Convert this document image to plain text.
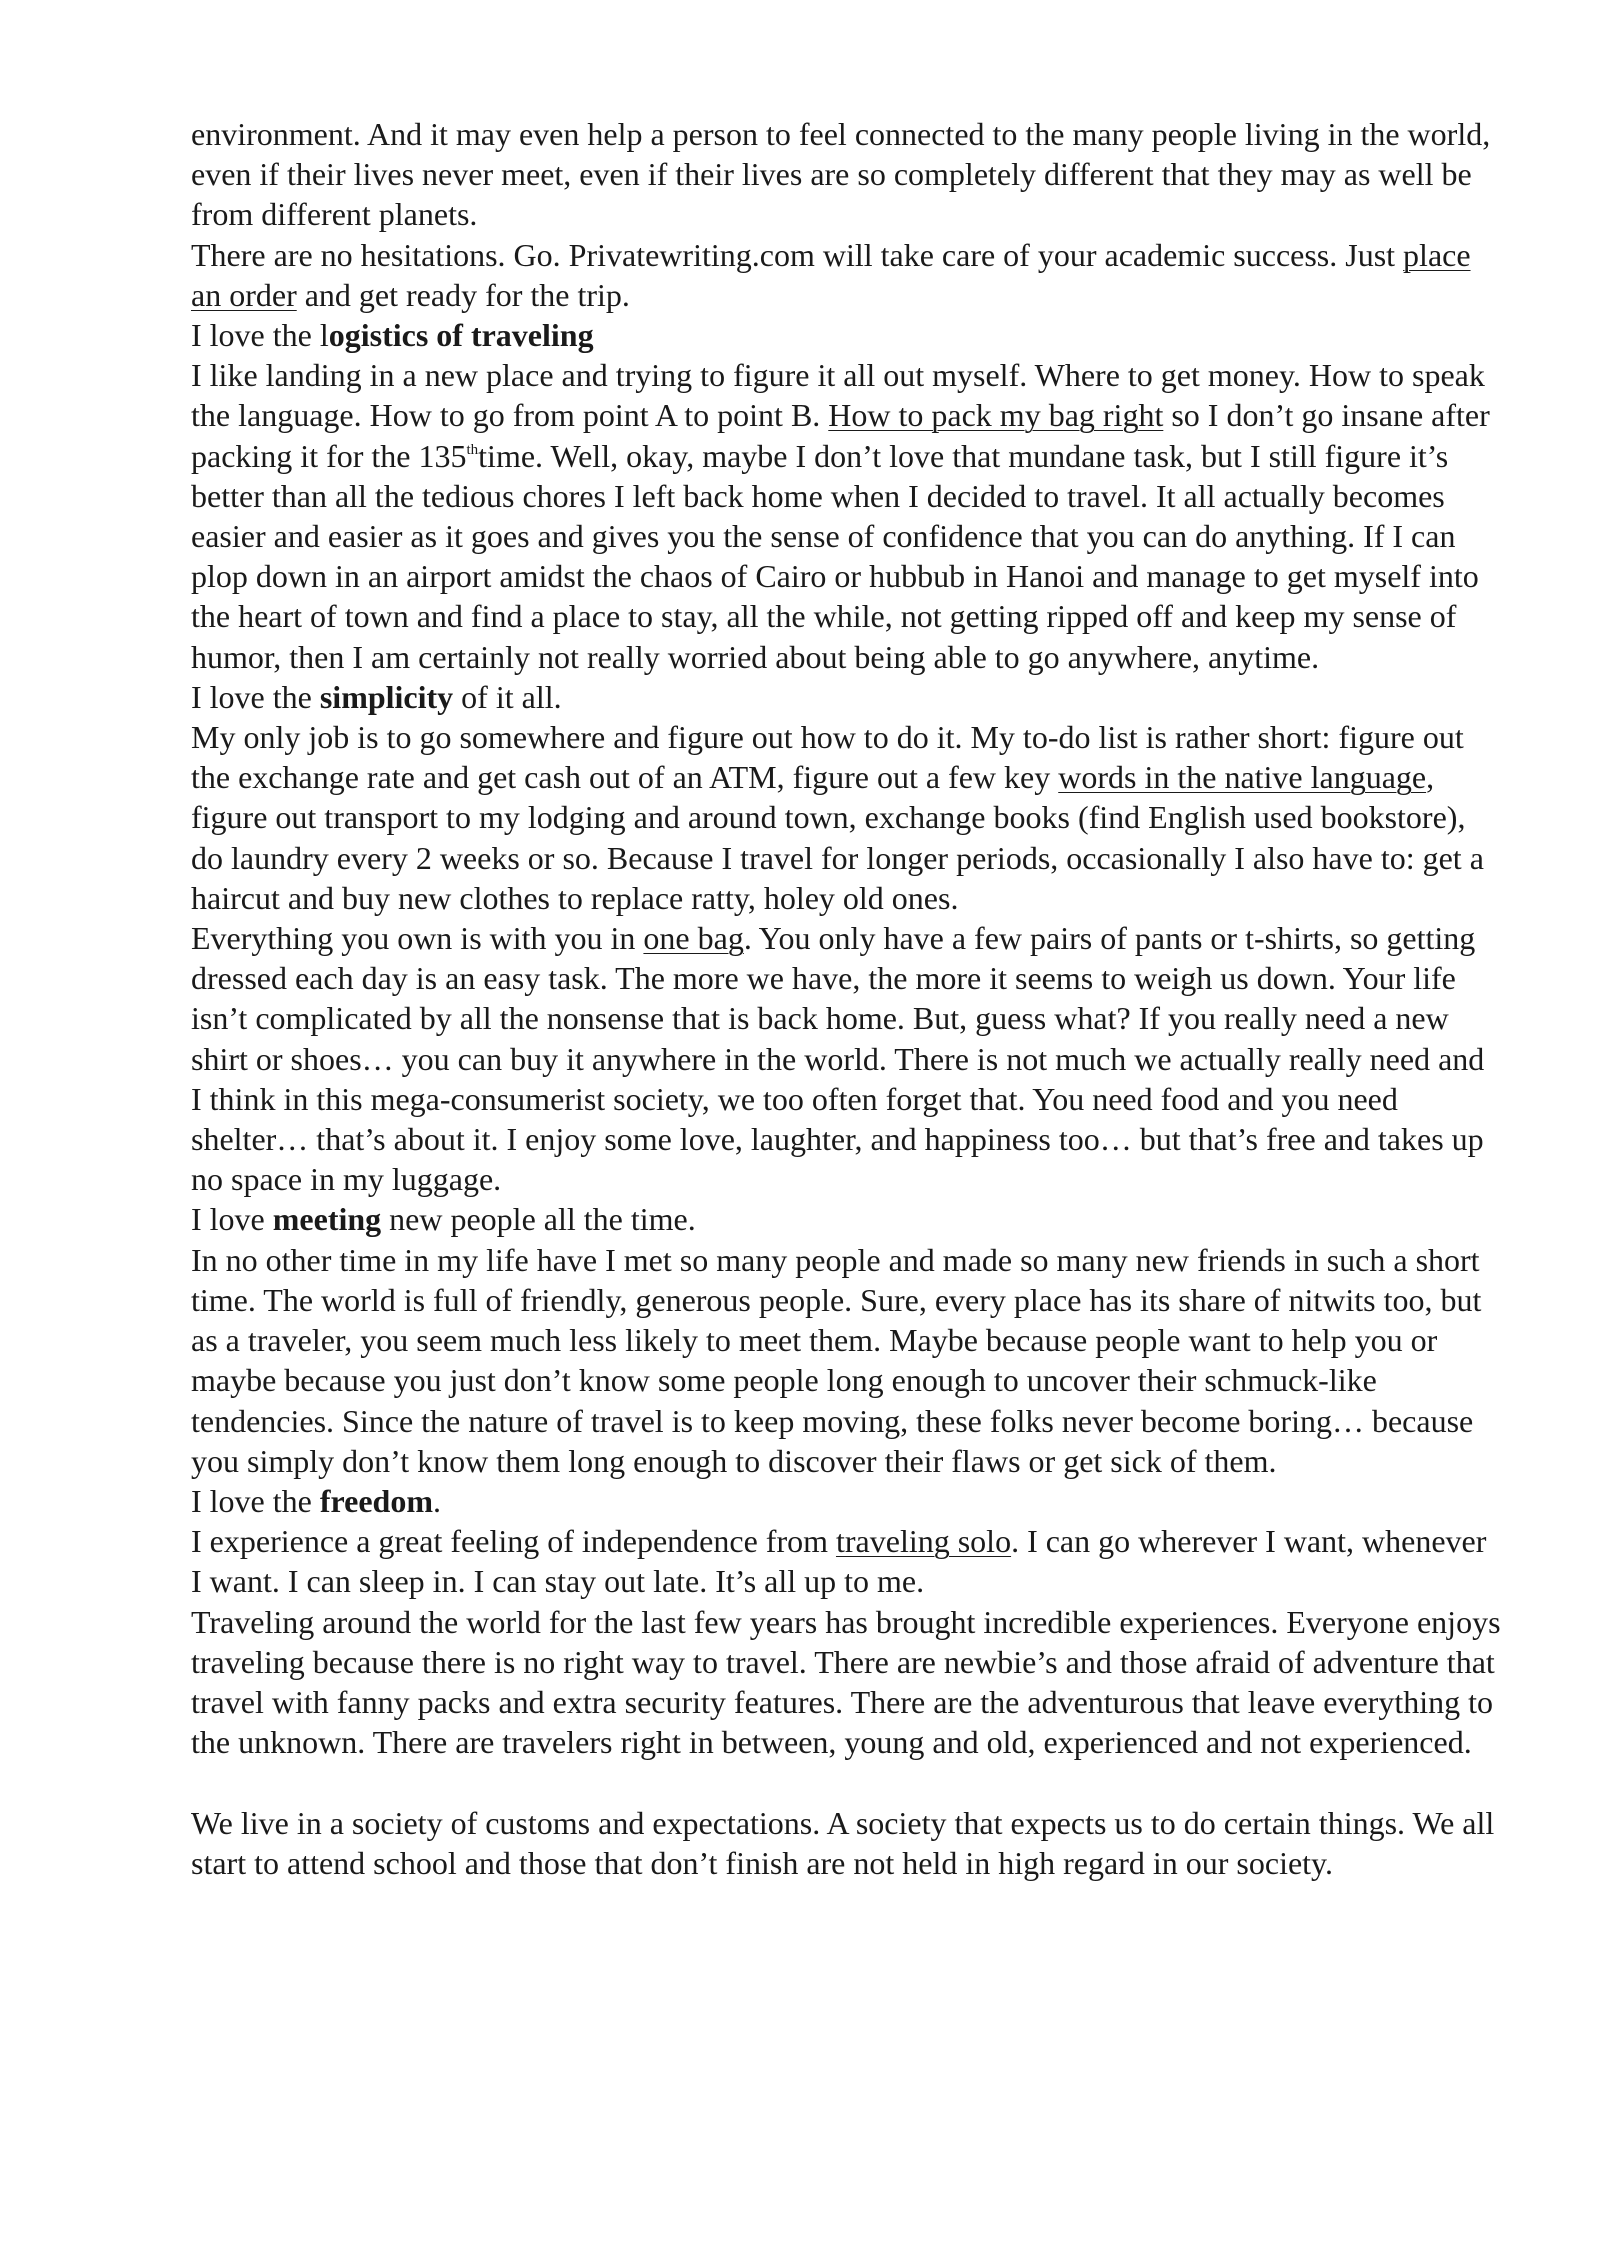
environment. And it may even help a person to feel connected to the many people living in the world, even if their lives never meet, even if their lives are so completely different that they may as well be from different planets.

There are no hesitations. Go. Privatewriting.com will take care of your academic success. Just place an order and get ready for the trip.

I love the logistics of traveling

I like landing in a new place and trying to figure it all out myself. Where to get money. How to speak the language. How to go from point A to point B. How to pack my bag right so I don’t go insane after packing it for the 135thtime. Well, okay, maybe I don’t love that mundane task, but I still figure it’s better than all the tedious chores I left back home when I decided to travel. It all actually becomes easier and easier as it goes and gives you the sense of confidence that you can do anything. If I can plop down in an airport amidst the chaos of Cairo or hubbub in Hanoi and manage to get myself into the heart of town and find a place to stay, all the while, not getting ripped off and keep my sense of humor, then I am certainly not really worried about being able to go anywhere, anytime.

I love the simplicity of it all.

My only job is to go somewhere and figure out how to do it. My to-do list is rather short: figure out the exchange rate and get cash out of an ATM, figure out a few key words in the native language, figure out transport to my lodging and around town, exchange books (find English used bookstore), do laundry every 2 weeks or so. Because I travel for longer periods, occasionally I also have to: get a haircut and buy new clothes to replace ratty, holey old ones.

Everything you own is with you in one bag. You only have a few pairs of pants or t-shirts, so getting dressed each day is an easy task. The more we have, the more it seems to weigh us down. Your life isn’t complicated by all the nonsense that is back home. But, guess what? If you really need a new shirt or shoes… you can buy it anywhere in the world. There is not much we actually really need and I think in this mega-consumerist society, we too often forget that. You need food and you need shelter… that’s about it. I enjoy some love, laughter, and happiness too… but that’s free and takes up no space in my luggage.

I love meeting new people all the time.

In no other time in my life have I met so many people and made so many new friends in such a short time. The world is full of friendly, generous people. Sure, every place has its share of nitwits too, but as a traveler, you seem much less likely to meet them. Maybe because people want to help you or maybe because you just don’t know some people long enough to uncover their schmuck-like tendencies. Since the nature of travel is to keep moving, these folks never become boring… because you simply don’t know them long enough to discover their flaws or get sick of them.

I love the freedom.

I experience a great feeling of independence from traveling solo. I can go wherever I want, whenever I want. I can sleep in. I can stay out late. It’s all up to me.

Traveling around the world for the last few years has brought incredible experiences. Everyone enjoys traveling because there is no right way to travel. There are newbie’s and those afraid of adventure that travel with fanny packs and extra security features. There are the adventurous that leave everything to the unknown. There are travelers right in between, young and old, experienced and not experienced.

We live in a society of customs and expectations. A society that expects us to do certain things. We all start to attend school and those that don’t finish are not held in high regard in our society.
